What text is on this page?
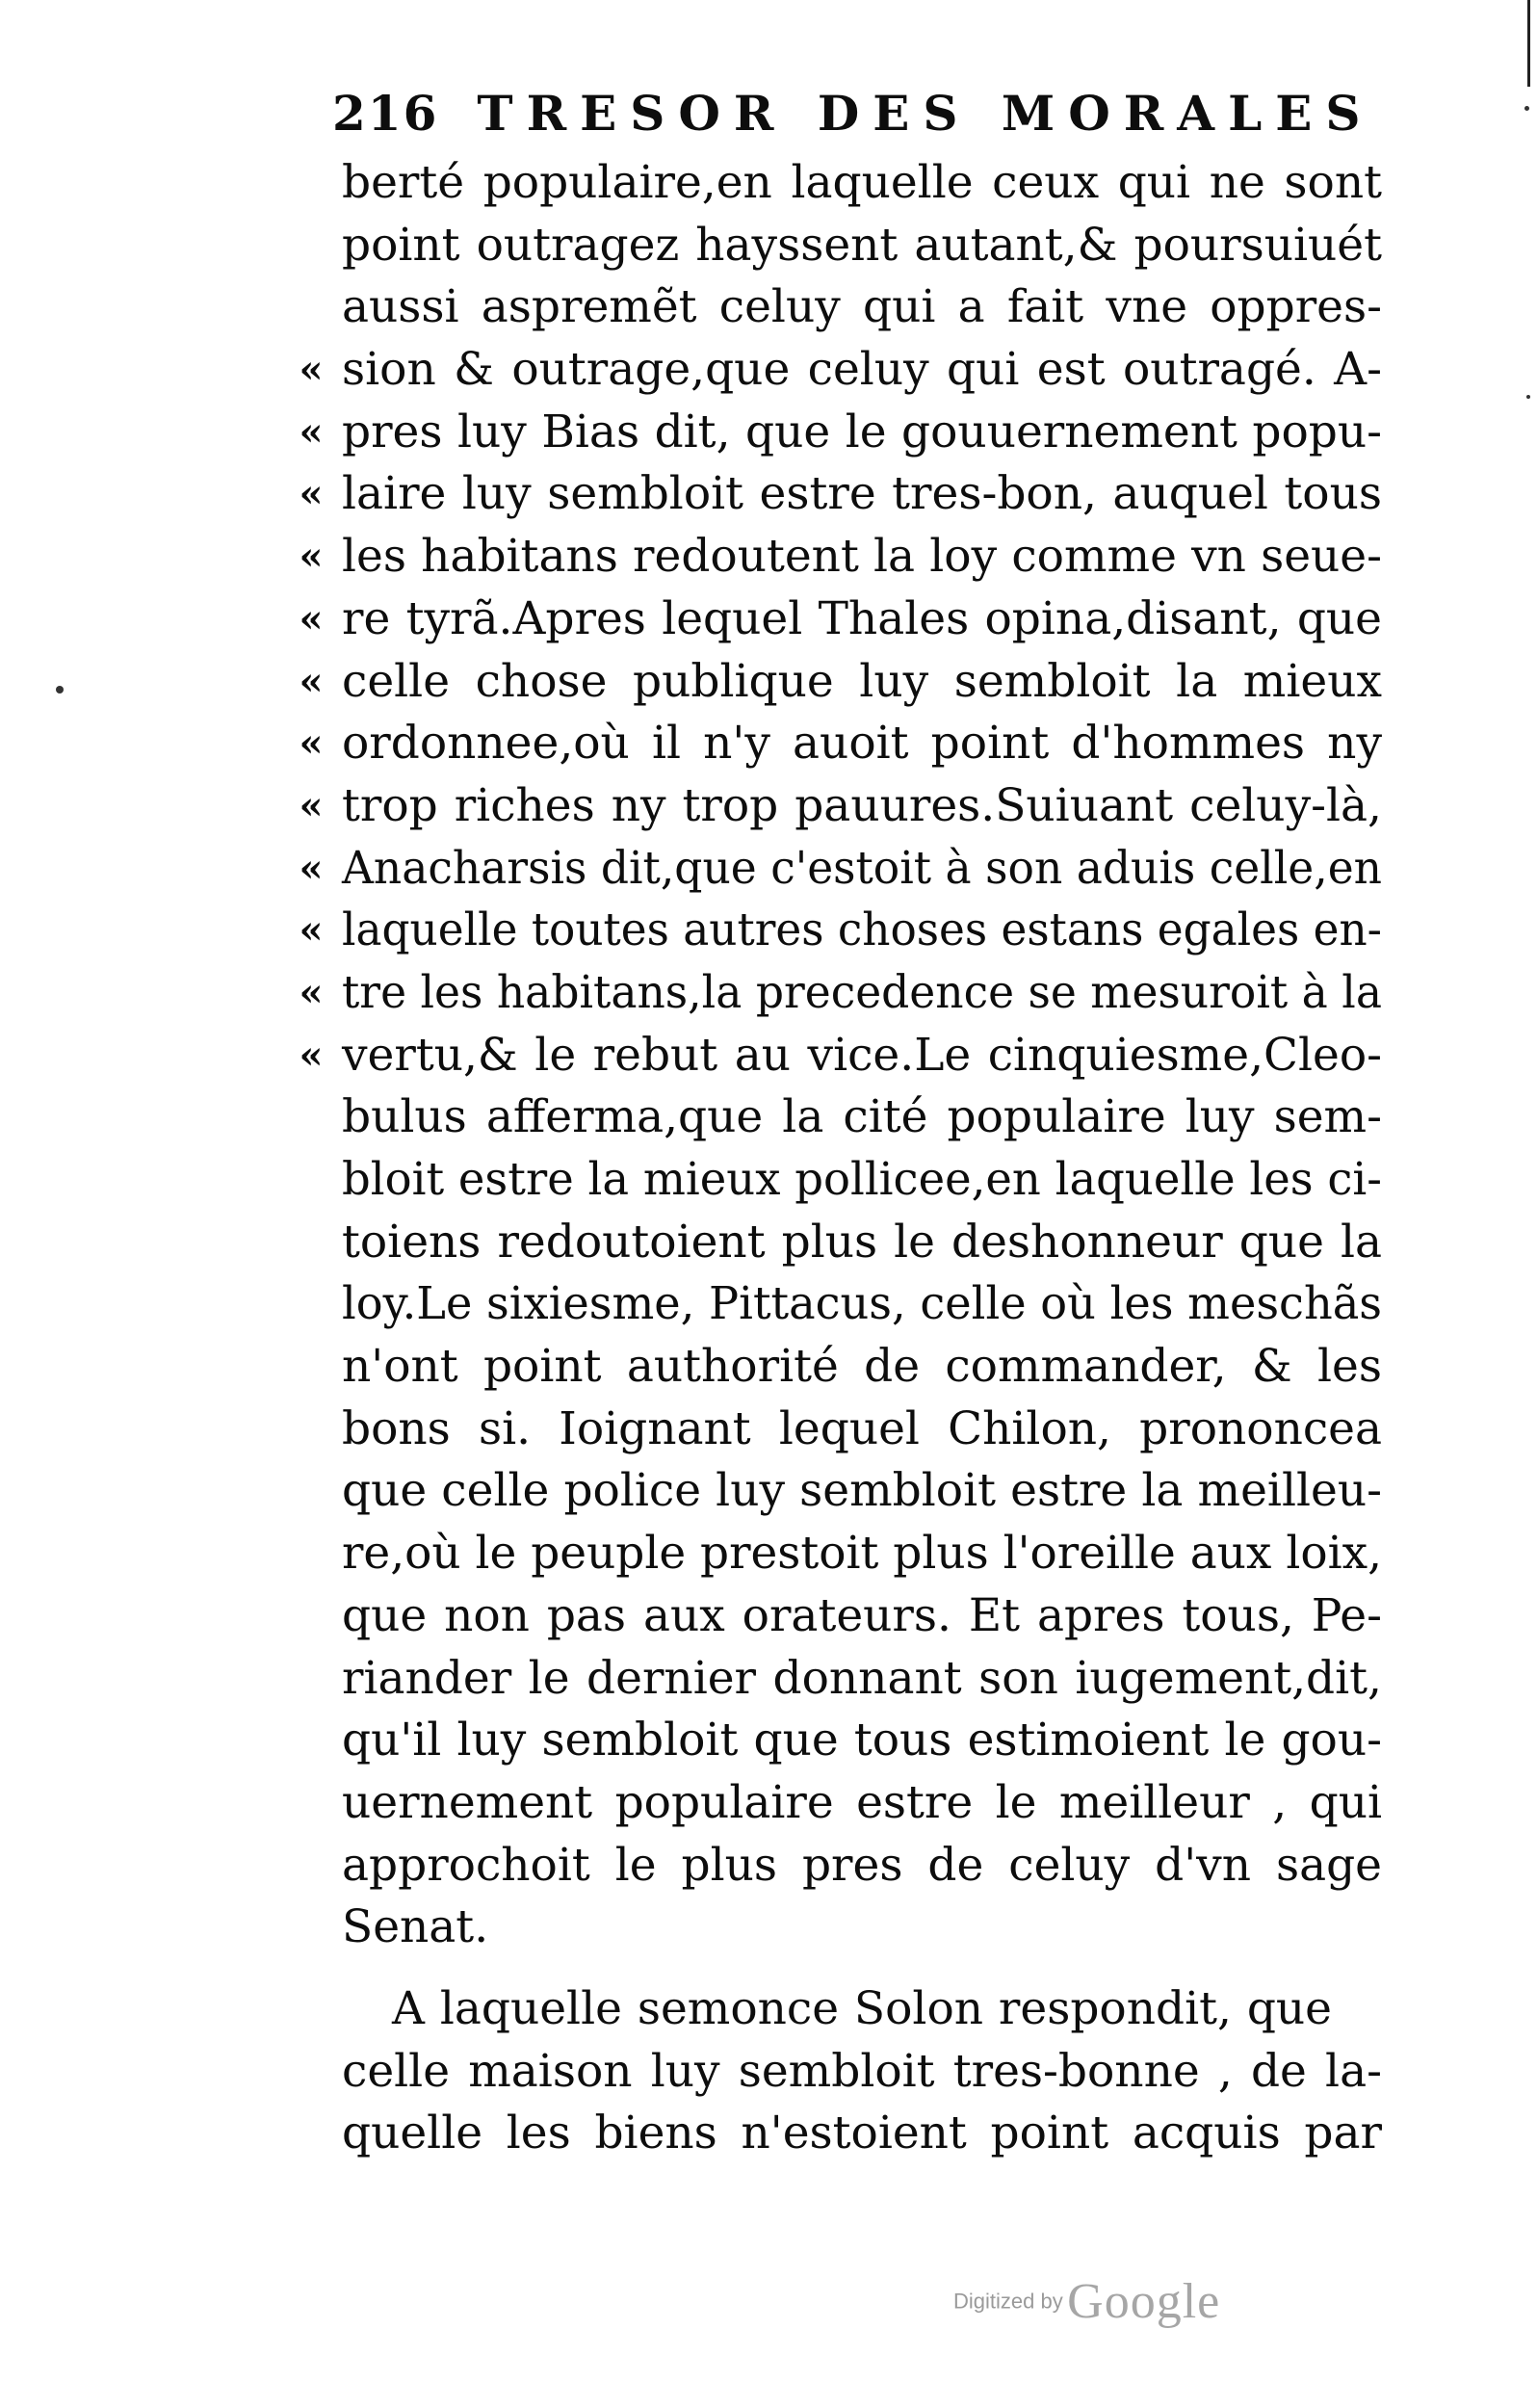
216 TRESOR DES MORALES
berté populaire,en laquelle ceux qui ne sont
point outragez hayssent autant,& poursuiuét
aussi aspremẽt celuy qui a fait vne oppres-
« sion & outrage,que celuy qui est outragé. A-
« pres luy Bias dit, que le gouuernement popu-
« laire luy sembloit estre tres-bon, auquel tous
« les habitans redoutent la loy comme vn seue-
« re tyrã.Apres lequel Thales opina,disant, que
« celle chose publique luy sembloit la mieux
« ordonnee,où il n'y auoit point d'hommes ny
« trop riches ny trop pauures.Suiuant celuy-là,
« Anacharsis dit,que c'estoit à son aduis celle,en
« laquelle toutes autres choses estans egales en-
« tre les habitans,la precedence se mesuroit à la
« vertu,& le rebut au vice.Le cinquiesme,Cleo-
bulus afferma,que la cité populaire luy sem-
bloit estre la mieux pollicee,en laquelle les ci-
toiens redoutoient plus le deshonneur que la
loy.Le sixiesme, Pittacus, celle où les meschãs
n'ont point authorité de commander, & les
bons si. Ioignant lequel Chilon, prononcea
que celle police luy sembloit estre la meilleu-
re,où le peuple prestoit plus l'oreille aux loix,
que non pas aux orateurs. Et apres tous, Pe-
riander le dernier donnant son iugement,dit,
qu'il luy sembloit que tous estimoient le gou-
uernement populaire estre le meilleur , qui
approchoit le plus pres de celuy d'vn sage
Senat.
A laquelle semonce Solon respondit, que
celle maison luy sembloit tres-bonne , de la-
quelle les biens n'estoient point acquis par
Digitized by Google
